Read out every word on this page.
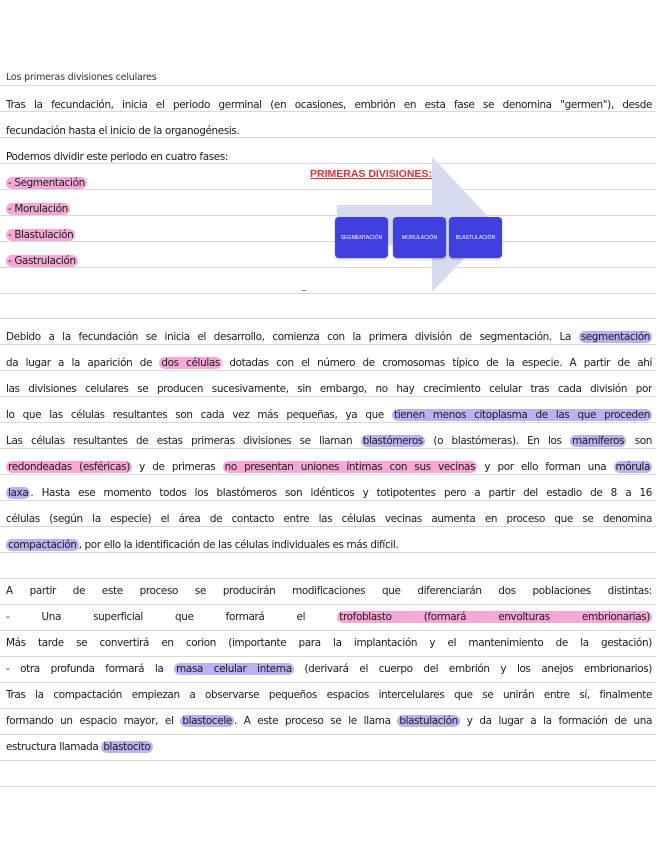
Los primeras divisiones celulares
Tras la fecundación, inicia el periodo germinal (en ocasiones, embrión en esta fase se denomina "germen"), desde
fecundación hasta el inicio de la organogénesis.
Podemos dividir este periodo en cuatro fases:
- Segmentación
- Morulación
- Blastulación
- Gastrulación
PRIMERAS DIVISIONES:
SEGMENTACIÓN	MORULACIÓN	BLASTULACIÓN
Debido a la fecundación se inicia el desarrollo, comienza con la primera división de segmentación. La segmentación
da lugar a la aparición de dos células dotadas con el número de cromosomas típico de la especie. A partir de ahí
las divisiones celulares se producen sucesivamente, sin embargo, no hay crecimiento celular tras cada división por
lo que las células resultantes son cada vez más pequeñas, ya que tienen menos citoplasma de las que proceden
Las células resultantes de estas primeras divisiones se llaman blastómeros (o blastómeras). En los mamíferos son
redondeadas (esféricas) y de primeras no presentan uniones íntimas con sus vecinas y por ello forman una mórula
laxa . Hasta ese momento todos los blastómeros son idénticos y totipotentes pero a partir del estadio de 8 a 16
células (según la especie) el área de contacto entre las células vecinas aumenta en proceso que se denomina
compactación , por ello la identificación de las células individuales es más difícil.
A partir de este proceso se producirán modificaciones que diferenciarán dos poblaciones distintas:
- Una superficial que formará el trofoblasto (formará envolturas embrionarias)
Más tarde se convertirá en corion (importante para la implantación y el mantenimiento de la gestación)
- otra profunda formará la masa celular interna (derivará el cuerpo del embrión y los anejos embrionarios)
Tras la compactación empiezan a observarse pequeños espacios intercelulares que se unirán entre sí, finalmente
formando un espacio mayor, el blastocele . A este proceso se le llama blastulación y da lugar a la formación de una
estructura llamada blastocito
